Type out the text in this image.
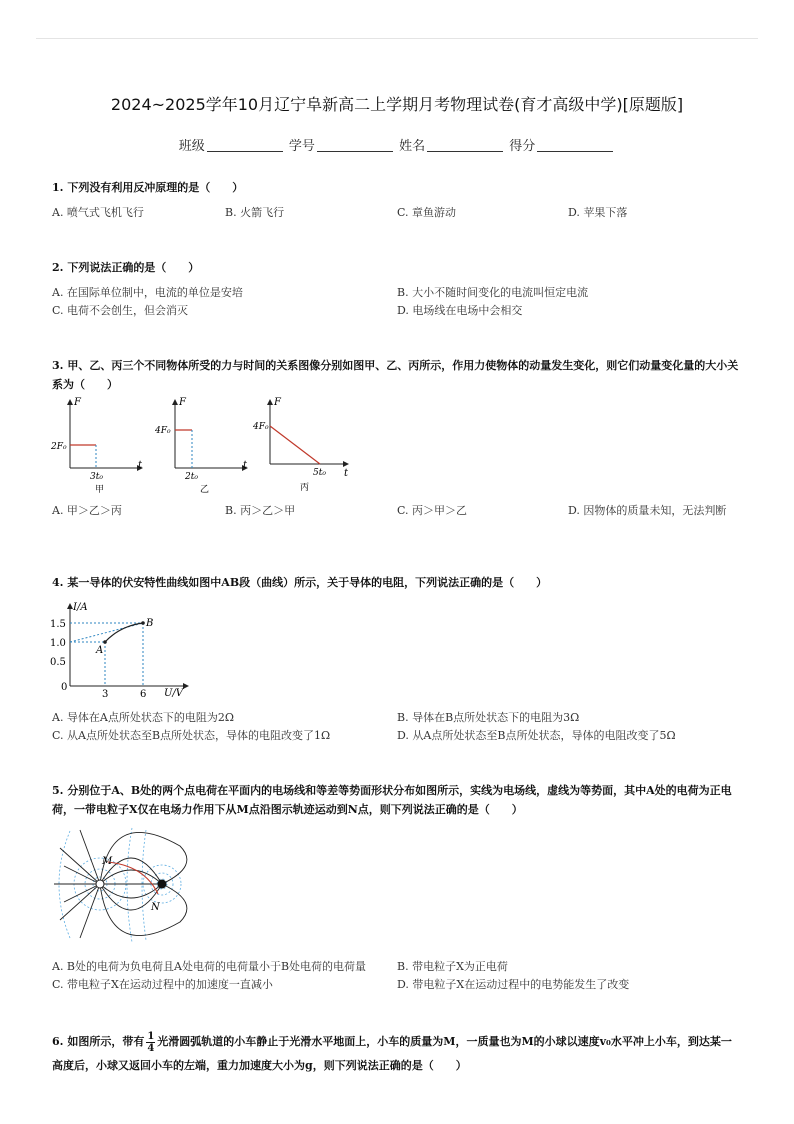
2024~2025学年10月辽宁阜新高二上学期月考物理试卷(育才高级中学)[原题版]
班级	学号	姓名	得分
1. 下列没有利用反冲原理的是（　　）
A. 喷气式飞机飞行	B. 火箭飞行	C. 章鱼游动	D. 苹果下落
2. 下列说法正确的是（　　）
A. 在国际单位制中，电流的单位是安培	B. 大小不随时间变化的电流叫恒定电流
C. 电荷不会创生，但会消灭	D. 电场线在电场中会相交
3. 甲、乙、丙三个不同物体所受的力与时间的关系图像分别如图甲、乙、丙所示，作用力使物体的动量发生变化，则它们动量变化量的大小关系为（　　）
F
t
2F₀
3t₀
甲
F
t
4F₀
2t₀
乙
F
t
4F₀
5t₀
丙
A. 甲＞乙＞丙	B. 丙＞乙＞甲	C. 丙＞甲＞乙	D. 因物体的质量未知，无法判断
4. 某一导体的伏安特性曲线如图中AB段（曲线）所示，关于导体的电阻，下列说法正确的是（　　）
I/A
U/V
1.5
1.0
0.5
0
3	6
A
B
A. 导体在A点所处状态下的电阻为2Ω	B. 导体在B点所处状态下的电阻为3Ω
C. 从A点所处状态至B点所处状态，导体的电阻改变了1Ω	D. 从A点所处状态至B点所处状态，导体的电阻改变了5Ω
5. 分别位于A、B处的两个点电荷在平面内的电场线和等差等势面形状分布如图所示，实线为电场线，虚线为等势面，其中A处的电荷为正电荷，一带电粒子X仅在电场力作用下从M点沿图示轨迹运动到N点，则下列说法正确的是（　　）
M
N
A. B处的电荷为负电荷且A处电荷的电荷量小于B处电荷的电荷量	B. 带电粒子X为正电荷
C. 带电粒子X在运动过程中的加速度一直减小	D. 带电粒子X在运动过程中的电势能发生了改变
6. 如图所示，带有 $\frac{1}{4}$ 光滑圆弧轨道的小车静止于光滑水平地面上，小车的质量为M，一质量也为M的小球以速度v₀水平冲上小车，到达某一高度后，小球又返回小车的左端，重力加速度大小为g，则下列说法正确的是（　　）
